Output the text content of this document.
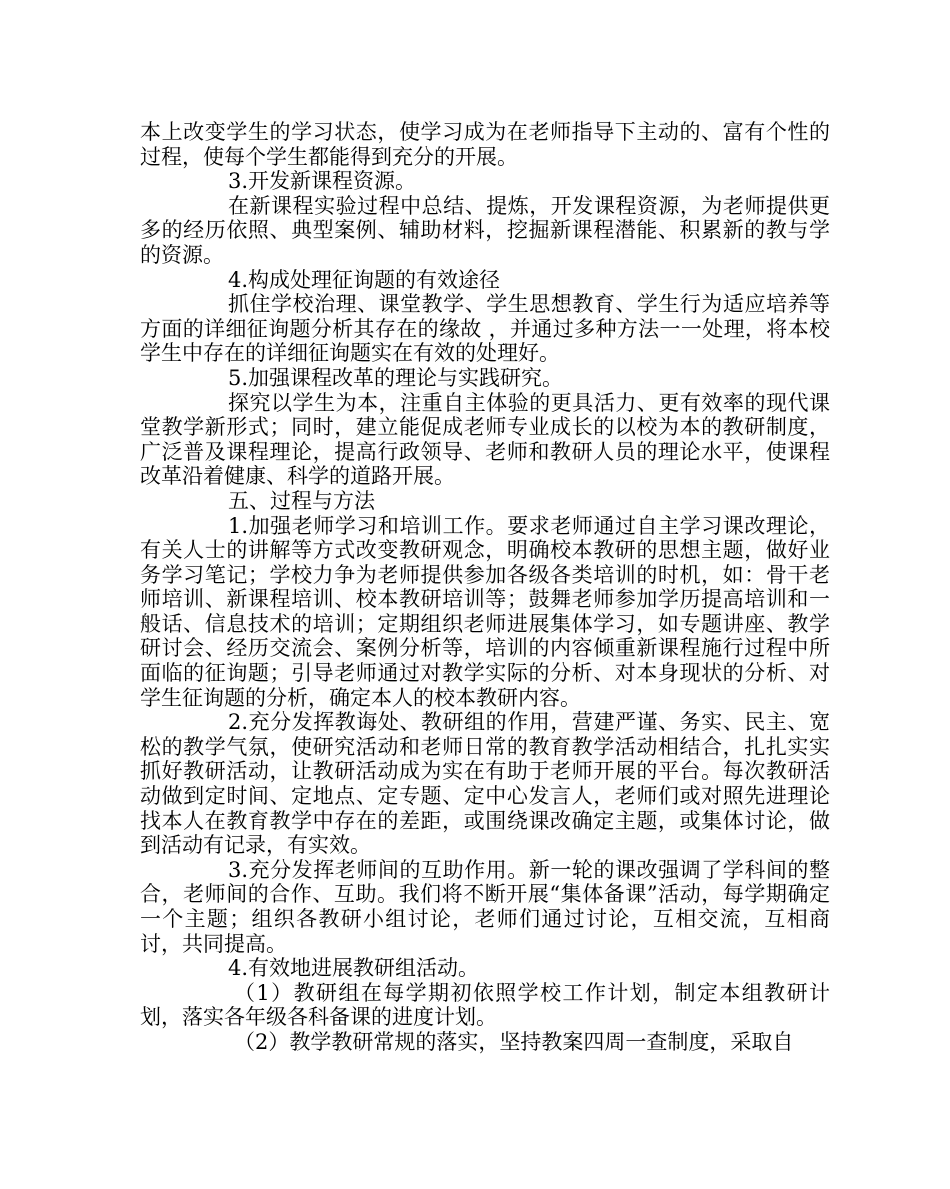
本上改变学生的学习状态，使学习成为在老师指导下主动的、富有个性的过程，使每个学生都能得到充分的开展。

3.开发新课程资源。

在新课程实验过程中总结、提炼，开发课程资源，为老师提供更多的经历依照、典型案例、辅助材料，挖掘新课程潜能、积累新的教与学的资源。

4.构成处理征询题的有效途径

抓住学校治理、课堂教学、学生思想教育、学生行为适应培养等方面的详细征询题分析其存在的缘故 ，并通过多种方法一一处理，将本校学生中存在的详细征询题实在有效的处理好。

5.加强课程改革的理论与实践研究。

探究以学生为本，注重自主体验的更具活力、更有效率的现代课堂教学新形式；同时，建立能促成老师专业成长的以校为本的教研制度，广泛普及课程理论，提高行政领导、老师和教研人员的理论水平，使课程改革沿着健康、科学的道路开展。

五、过程与方法

1.加强老师学习和培训工作。要求老师通过自主学习课改理论，有关人士的讲解等方式改变教研观念，明确校本教研的思想主题，做好业务学习笔记；学校力争为老师提供参加各级各类培训的时机，如：骨干老师培训、新课程培训、校本教研培训等；鼓舞老师参加学历提高培训和一般话、信息技术的培训；定期组织老师进展集体学习，如专题讲座、教学研讨会、经历交流会、案例分析等，培训的内容倾重新课程施行过程中所面临的征询题；引导老师通过对教学实际的分析、对本身现状的分析、对学生征询题的分析，确定本人的校本教研内容。

2.充分发挥教诲处、教研组的作用，营建严谨、务实、民主、宽松的教学气氛，使研究活动和老师日常的教育教学活动相结合，扎扎实实抓好教研活动，让教研活动成为实在有助于老师开展的平台。每次教研活动做到定时间、定地点、定专题、定中心发言人，老师们或对照先进理论找本人在教育教学中存在的差距，或围绕课改确定主题，或集体讨论，做到活动有记录，有实效。

3.充分发挥老师间的互助作用。新一轮的课改强调了学科间的整合，老师间的合作、互助。我们将不断开展“集体备课”活动，每学期确定一个主题；组织各教研小组讨论，老师们通过讨论，互相交流，互相商讨，共同提高。

4.有效地进展教研组活动。

（1）教研组在每学期初依照学校工作计划，制定本组教研计划，落实各年级各科备课的进度计划。

（2）教学教研常规的落实，坚持教案四周一查制度，采取自
